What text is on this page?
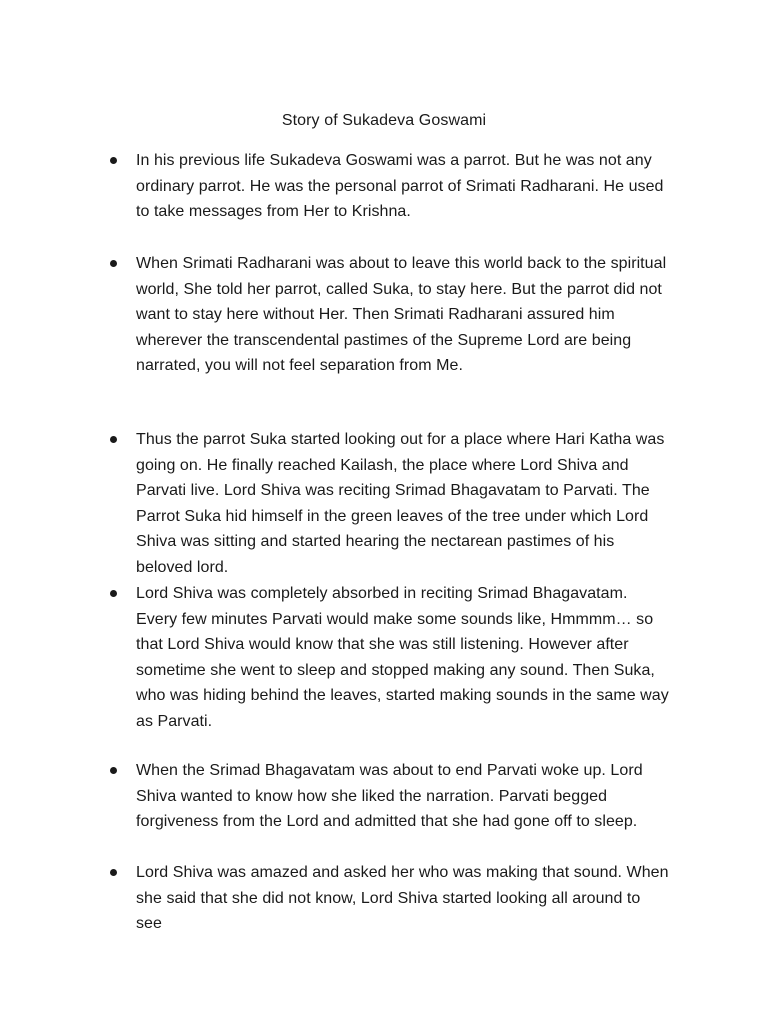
Story of Sukadeva Goswami
In his previous life Sukadeva Goswami was a parrot. But he was not any ordinary parrot. He was the personal parrot of Srimati Radharani. He used to take messages from Her to Krishna.
When Srimati Radharani was about to leave this world back to the spiritual world, She told her parrot, called Suka, to stay here. But the parrot did not want to stay here without Her. Then Srimati Radharani assured him wherever the transcendental pastimes of the Supreme Lord are being narrated, you will not feel separation from Me.
Thus the parrot Suka started looking out for a place where Hari Katha was going on. He finally reached Kailash, the place where Lord Shiva and Parvati live. Lord Shiva was reciting Srimad Bhagavatam to Parvati. The Parrot Suka hid himself in the green leaves of the tree under which Lord Shiva was sitting and started hearing the nectarean pastimes of his beloved lord.
Lord Shiva was completely absorbed in reciting Srimad Bhagavatam. Every few minutes Parvati would make some sounds like, Hmmmm… so that Lord Shiva would know that she was still listening. However after sometime she went to sleep and stopped making any sound. Then Suka, who was hiding behind the leaves, started making sounds in the same way as Parvati.
When the Srimad Bhagavatam was about to end Parvati woke up. Lord Shiva wanted to know how she liked the narration. Parvati begged forgiveness from the Lord and admitted that she had gone off to sleep.
Lord Shiva was amazed and asked her who was making that sound. When she said that she did not know, Lord Shiva started looking all around to see
